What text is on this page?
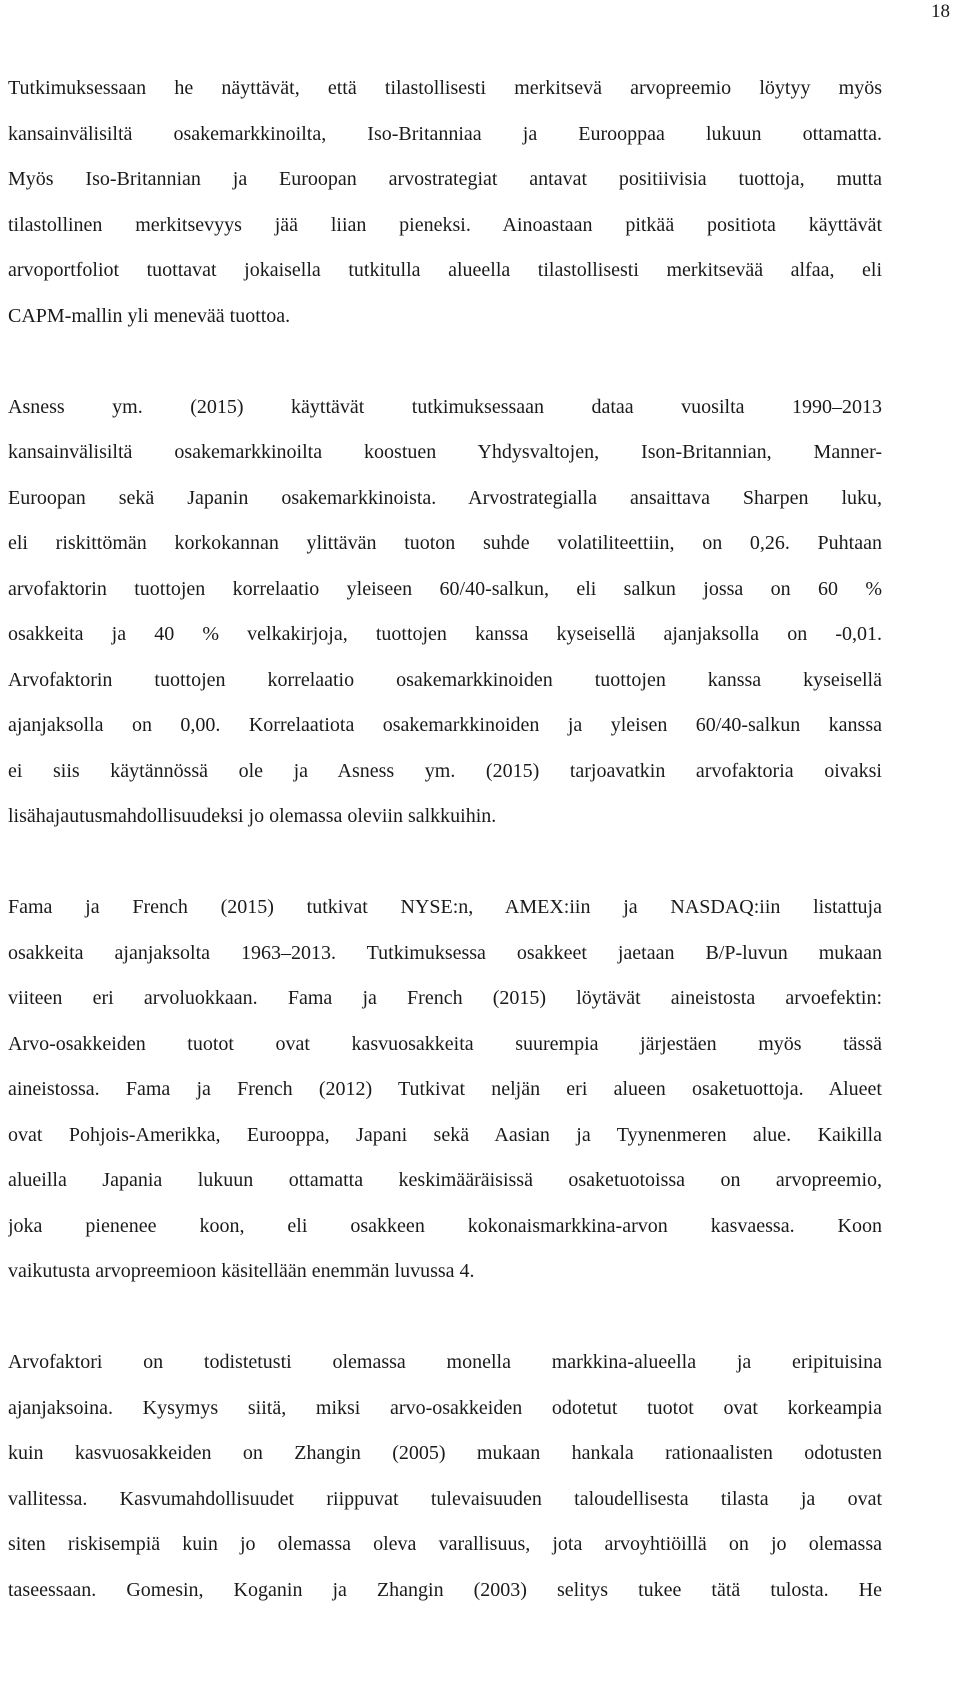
18
Tutkimuksessaan he näyttävät, että tilastollisesti merkitsevä arvopreemio löytyy myös
kansainvälisiltä osakemarkkinoilta, Iso-Britanniaa ja Eurooppaa lukuun ottamatta.
Myös Iso-Britannian ja Euroopan arvostrategiat antavat positiivisia tuottoja, mutta
tilastollinen merkitsevyys jää liian pieneksi. Ainoastaan pitkää positiota käyttävät
arvoportfoliot tuottavat jokaisella tutkitulla alueella tilastollisesti merkitsevää alfaa, eli
CAPM-mallin yli menevää tuottoa.
Asness ym. (2015) käyttävät tutkimuksessaan dataa vuosilta 1990–2013
kansainvälisiltä osakemarkkinoilta koostuen Yhdysvaltojen, Ison-Britannian, Manner-
Euroopan sekä Japanin osakemarkkinoista. Arvostrategialla ansaittava Sharpen luku,
eli riskittömän korkokannan ylittävän tuoton suhde volatiliteettiin, on 0,26. Puhtaan
arvofaktorin tuottojen korrelaatio yleiseen 60/40-salkun, eli salkun jossa on 60 %
osakkeita ja 40 % velkakirjoja, tuottojen kanssa kyseisellä ajanjaksolla on -0,01.
Arvofaktorin tuottojen korrelaatio osakemarkkinoiden tuottojen kanssa kyseisellä
ajanjaksolla on 0,00. Korrelaatiota osakemarkkinoiden ja yleisen 60/40-salkun kanssa
ei siis käytännössä ole ja Asness ym. (2015) tarjoavatkin arvofaktoria oivaksi
lisähajautusmahdollisuudeksi jo olemassa oleviin salkkuihin.
Fama ja French (2015) tutkivat NYSE:n, AMEX:iin ja NASDAQ:iin listattuja
osakkeita ajanjaksolta 1963–2013. Tutkimuksessa osakkeet jaetaan B/P-luvun mukaan
viiteen eri arvoluokkaan. Fama ja French (2015) löytävät aineistosta arvoefektin:
Arvo-osakkeiden tuotot ovat kasvuosakkeita suurempia järjestäen myös tässä
aineistossa. Fama ja French (2012) Tutkivat neljän eri alueen osaketuottoja. Alueet
ovat Pohjois-Amerikka, Eurooppa, Japani sekä Aasian ja Tyynenmeren alue. Kaikilla
alueilla Japania lukuun ottamatta keskimääräisissä osaketuotoissa on arvopreemio,
joka pienenee koon, eli osakkeen kokonaismarkkina-arvon kasvaessa. Koon
vaikutusta arvopreemioon käsitellään enemmän luvussa 4.
Arvofaktori on todistetusti olemassa monella markkina-alueella ja eripituisina
ajanjaksoina. Kysymys siitä, miksi arvo-osakkeiden odotetut tuotot ovat korkeampia
kuin kasvuosakkeiden on Zhangin (2005) mukaan hankala rationaalisten odotusten
vallitessa. Kasvumahdollisuudet riippuvat tulevaisuuden taloudellisesta tilasta ja ovat
siten riskisempiä kuin jo olemassa oleva varallisuus, jota arvoyhtiöillä on jo olemassa
taseessaan. Gomesin, Koganin ja Zhangin (2003) selitys tukee tätä tulosta. He
